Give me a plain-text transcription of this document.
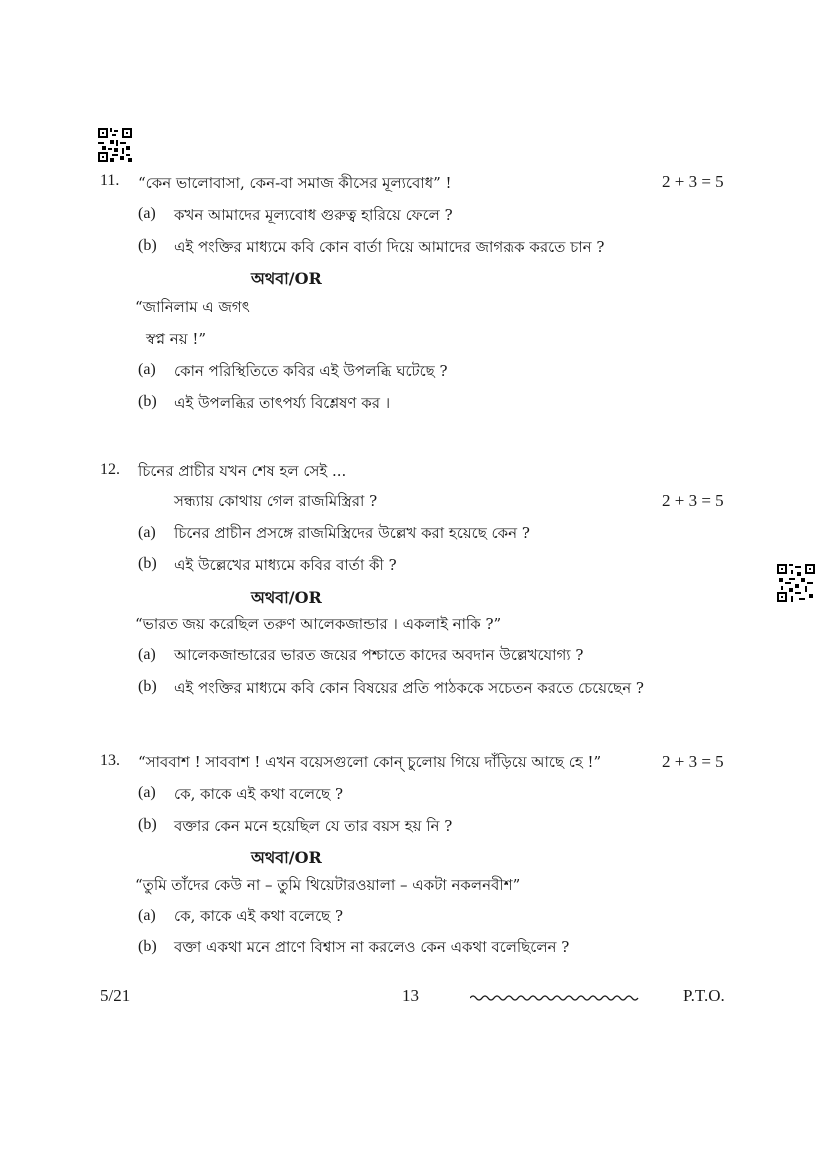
11. “কেন ভালোবাসা, কেন-বা সমাজ কীসের মূল্যবোধ” !	2 + 3 = 5
(a) কখন আমাদের মূল্যবোধ গুরুত্ব হারিয়ে ফেলে ?
(b) এই পংক্তির মাধ্যমে কবি কোন বার্তা দিয়ে আমাদের জাগরূক করতে চান ?
অথবা/OR
“জানিলাম এ জগৎ
স্বপ্ন নয় !”
(a) কোন পরিস্থিতিতে কবির এই উপলব্ধি ঘটেছে ?
(b) এই উপলব্ধির তাৎপর্য্য বিশ্লেষণ কর ।
12. চিনের প্রাচীর যখন শেষ হল সেই ...
সন্ধ্যায় কোথায় গেল রাজমিস্ত্রিরা ?	2 + 3 = 5
(a) চিনের প্রাচীন প্রসঙ্গে রাজমিস্ত্রিদের উল্লেখ করা হয়েছে কেন ?
(b) এই উল্লেখের মাধ্যমে কবির বার্তা কী ?
অথবা/OR
“ভারত জয় করেছিল তরুণ আলেকজান্ডার । একলাই নাকি ?”
(a) আলেকজান্ডারের ভারত জয়ের পশ্চাতে কাদের অবদান উল্লেখযোগ্য ?
(b) এই পংক্তির মাধ্যমে কবি কোন বিষয়ের প্রতি পাঠককে সচেতন করতে চেয়েছেন ?
13. “সাববাশ ! সাববাশ ! এখন বয়েসগুলো কোন্‌ চুলোয় গিয়ে দাঁড়িয়ে আছে হে !”	2 + 3 = 5
(a) কে, কাকে এই কথা বলেছে ?
(b) বক্তার কেন মনে হয়েছিল যে তার বয়স হয় নি ?
অথবা/OR
“তুমি তাঁদের কেউ না – তুমি থিয়েটারওয়ালা – একটা নকলনবীশ”
(a) কে, কাকে এই কথা বলেছে ?
(b) বক্তা একথা মনে প্রাণে বিশ্বাস না করলেও কেন একথা বলেছিলেন ?
5/21	13	P.T.O.
